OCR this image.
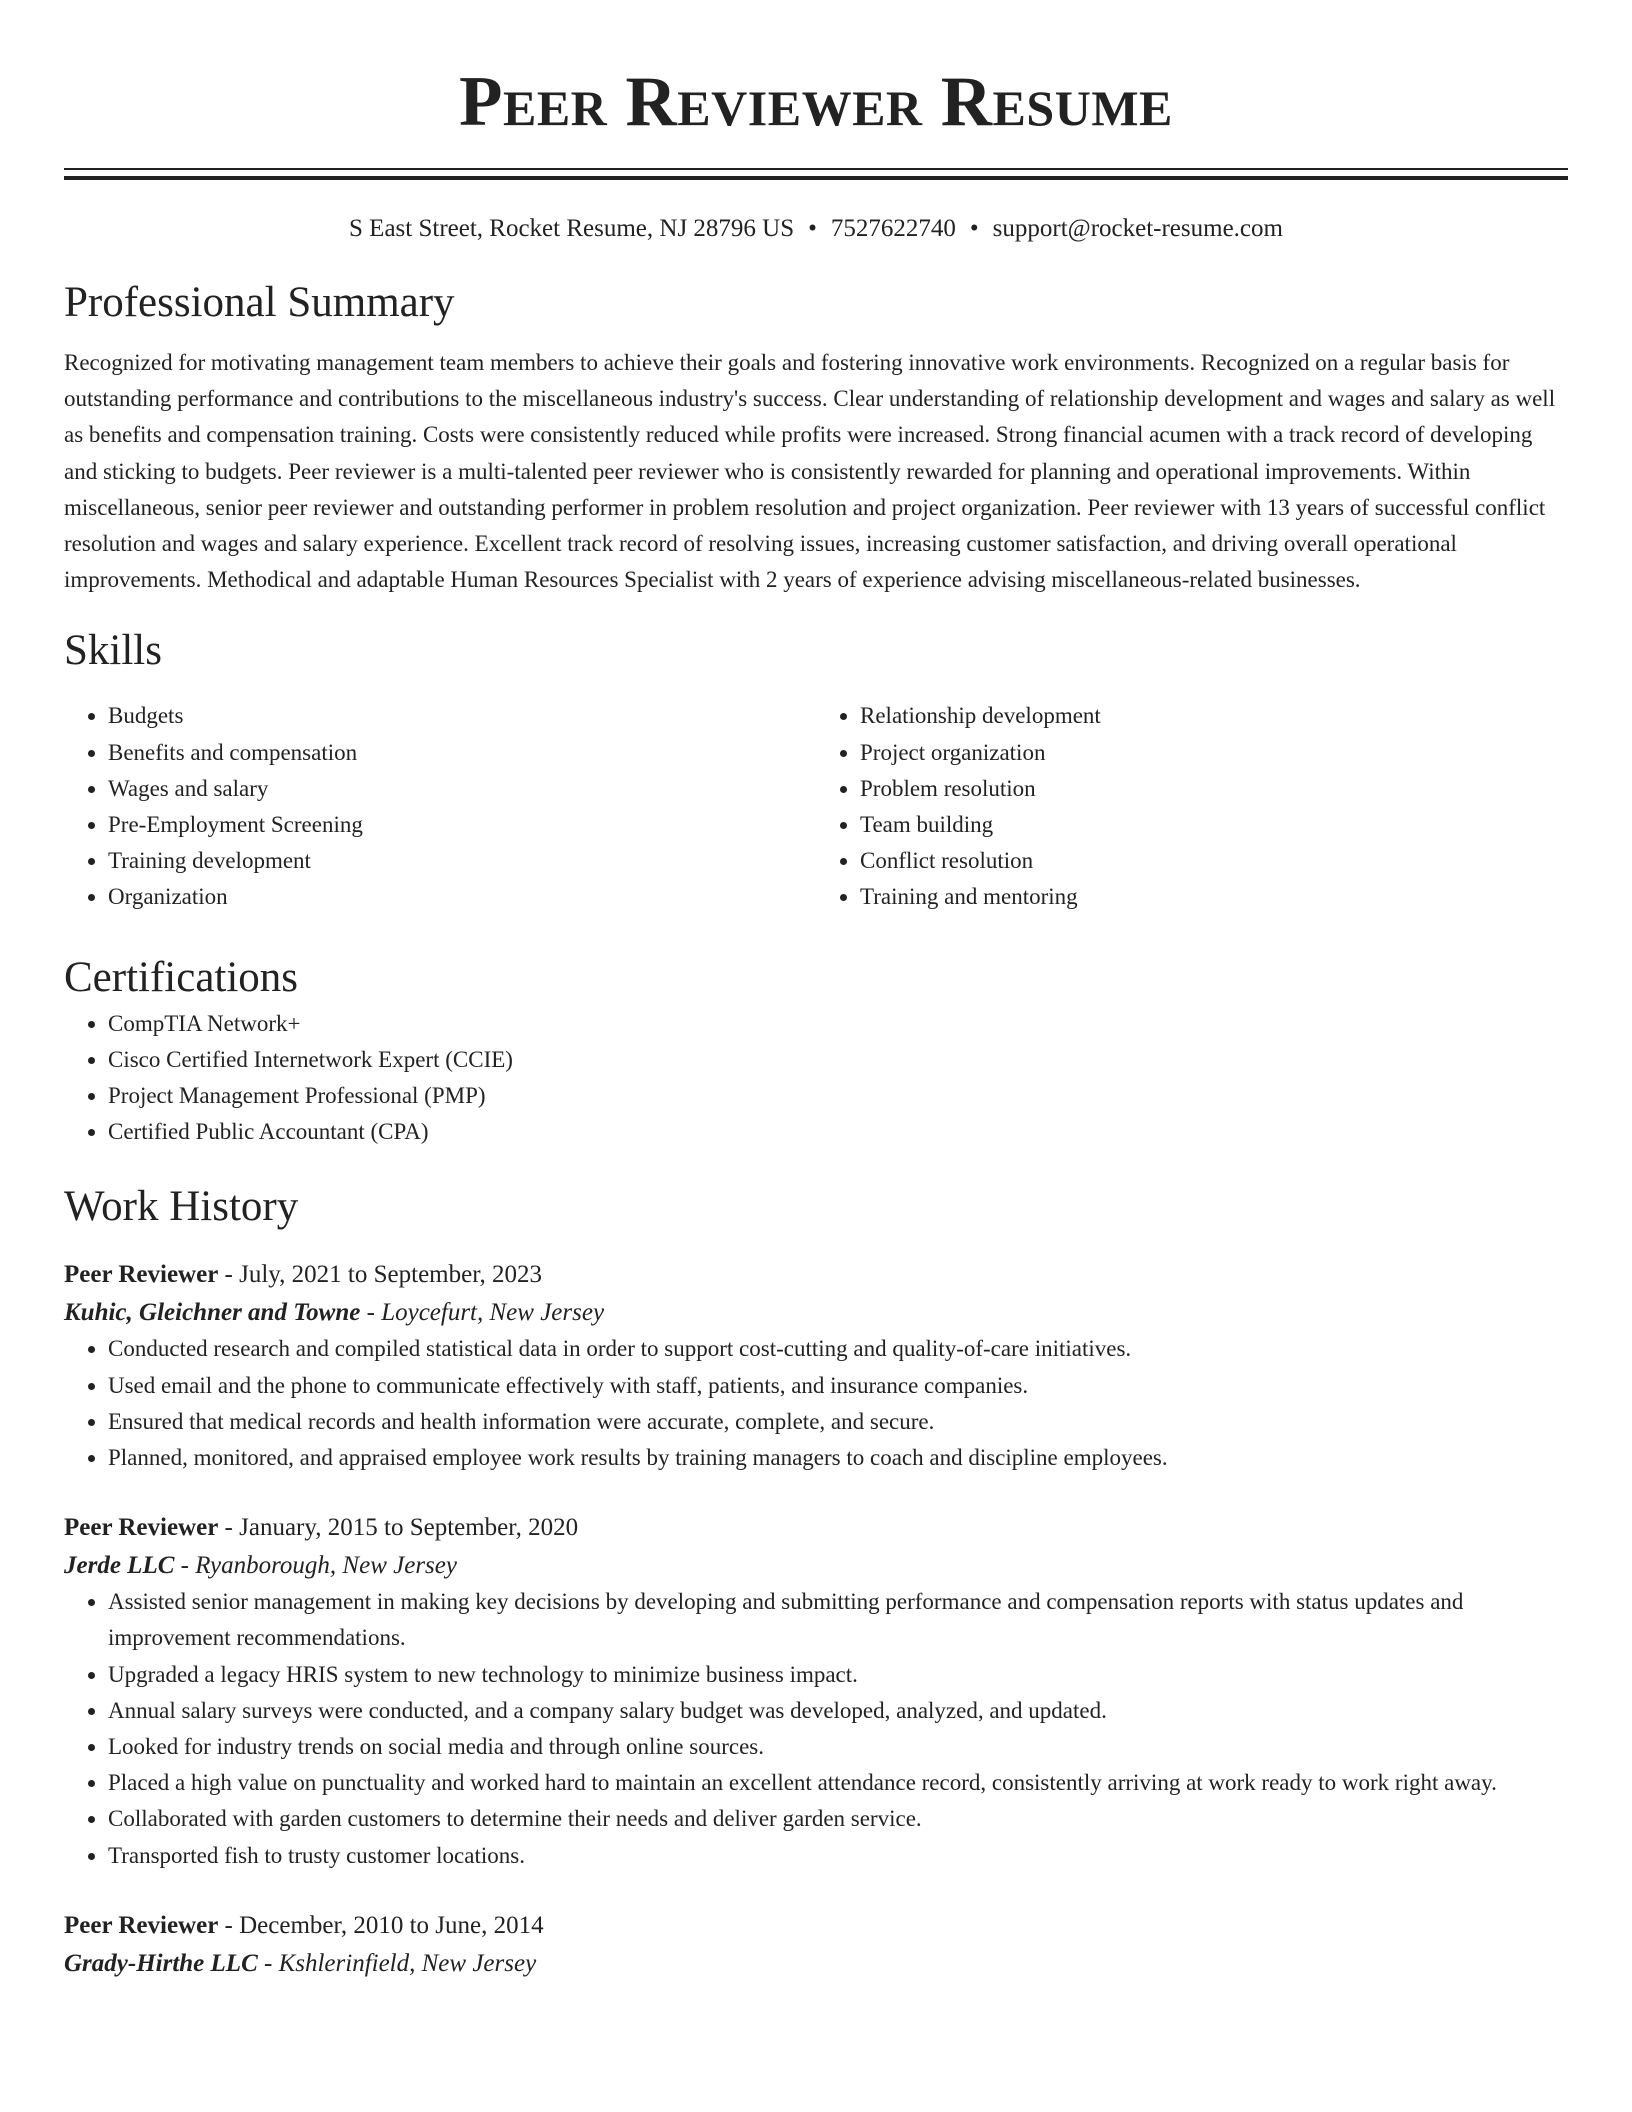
Peer Reviewer Resume
S East Street, Rocket Resume, NJ 28796 US • 7527622740 • support@rocket-resume.com
Professional Summary

Recognized for motivating management team members to achieve their goals and fostering innovative work environments. Recognized on a regular basis for outstanding performance and contributions to the miscellaneous industry's success. Clear understanding of relationship development and wages and salary as well as benefits and compensation training. Costs were consistently reduced while profits were increased. Strong financial acumen with a track record of developing and sticking to budgets. Peer reviewer is a multi-talented peer reviewer who is consistently rewarded for planning and operational improvements. Within miscellaneous, senior peer reviewer and outstanding performer in problem resolution and project organization. Peer reviewer with 13 years of successful conflict resolution and wages and salary experience. Excellent track record of resolving issues, increasing customer satisfaction, and driving overall operational improvements. Methodical and adaptable Human Resources Specialist with 2 years of experience advising miscellaneous-related businesses.

Skills
• Budgets
• Benefits and compensation
• Wages and salary
• Pre-Employment Screening
• Training development
• Organization
• Relationship development
• Project organization
• Problem resolution
• Team building
• Conflict resolution
• Training and mentoring
Certifications
• CompTIA Network+
• Cisco Certified Internetwork Expert (CCIE)
• Project Management Professional (PMP)
• Certified Public Accountant (CPA)
Work History
Peer Reviewer - July, 2021 to September, 2023
Kuhic, Gleichner and Towne - Loycefurt, New Jersey
• Conducted research and compiled statistical data in order to support cost-cutting and quality-of-care initiatives.
• Used email and the phone to communicate effectively with staff, patients, and insurance companies.
• Ensured that medical records and health information were accurate, complete, and secure.
• Planned, monitored, and appraised employee work results by training managers to coach and discipline employees.
Peer Reviewer - January, 2015 to September, 2020
Jerde LLC - Ryanborough, New Jersey
• Assisted senior management in making key decisions by developing and submitting performance and compensation reports with status updates and improvement recommendations.
• Upgraded a legacy HRIS system to new technology to minimize business impact.
• Annual salary surveys were conducted, and a company salary budget was developed, analyzed, and updated.
• Looked for industry trends on social media and through online sources.
• Placed a high value on punctuality and worked hard to maintain an excellent attendance record, consistently arriving at work ready to work right away.
• Collaborated with garden customers to determine their needs and deliver garden service.
• Transported fish to trusty customer locations.
Peer Reviewer - December, 2010 to June, 2014
Grady-Hirthe LLC - Kshlerinfield, New Jersey
